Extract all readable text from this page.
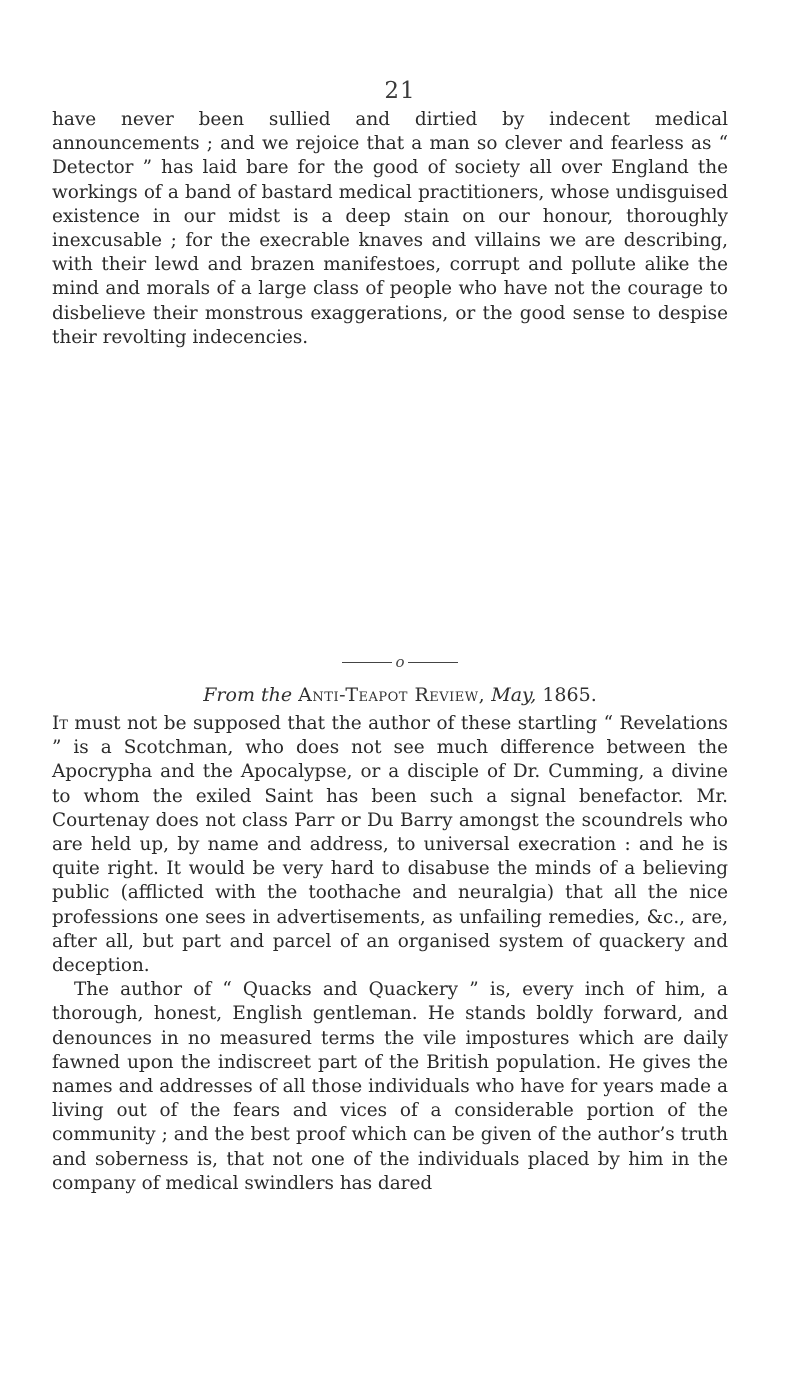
21

have never been sullied and dirtied by indecent medical announcements ; and we rejoice that a man so clever and fearless as “ Detector ” has laid bare for the good of society all over England the workings of a band of bastard medical practitioners, whose undisguised existence in our midst is a deep stain on our honour, thoroughly inexcusable ; for the execrable knaves and villains we are describing, with their lewd and brazen manifestoes, corrupt and pollute alike the mind and morals of a large class of people who have not the courage to disbelieve their monstrous exaggerations, or the good sense to despise their revolting indecencies.

o
From the Anti-Teapot Review, May, 1865.

It must not be supposed that the author of these startling “ Revelations ” is a Scotchman, who does not see much difference between the Apocrypha and the Apocalypse, or a disciple of Dr. Cumming, a divine to whom the exiled Saint has been such a signal benefactor. Mr. Courtenay does not class Parr or Du Barry amongst the scoundrels who are held up, by name and address, to universal execration : and he is quite right. It would be very hard to disabuse the minds of a believing public (afflicted with the toothache and neuralgia) that all the nice professions one sees in advertisements, as unfailing remedies, &c., are, after all, but part and parcel of an organised system of quackery and deception.

The author of “ Quacks and Quackery ” is, every inch of him, a thorough, honest, English gentleman. He stands boldly forward, and denounces in no measured terms the vile impostures which are daily fawned upon the indiscreet part of the British population. He gives the names and addresses of all those individuals who have for years made a living out of the fears and vices of a considerable portion of the community ; and the best proof which can be given of the author’s truth and soberness is, that not one of the individuals placed by him in the company of medical swindlers has dared
